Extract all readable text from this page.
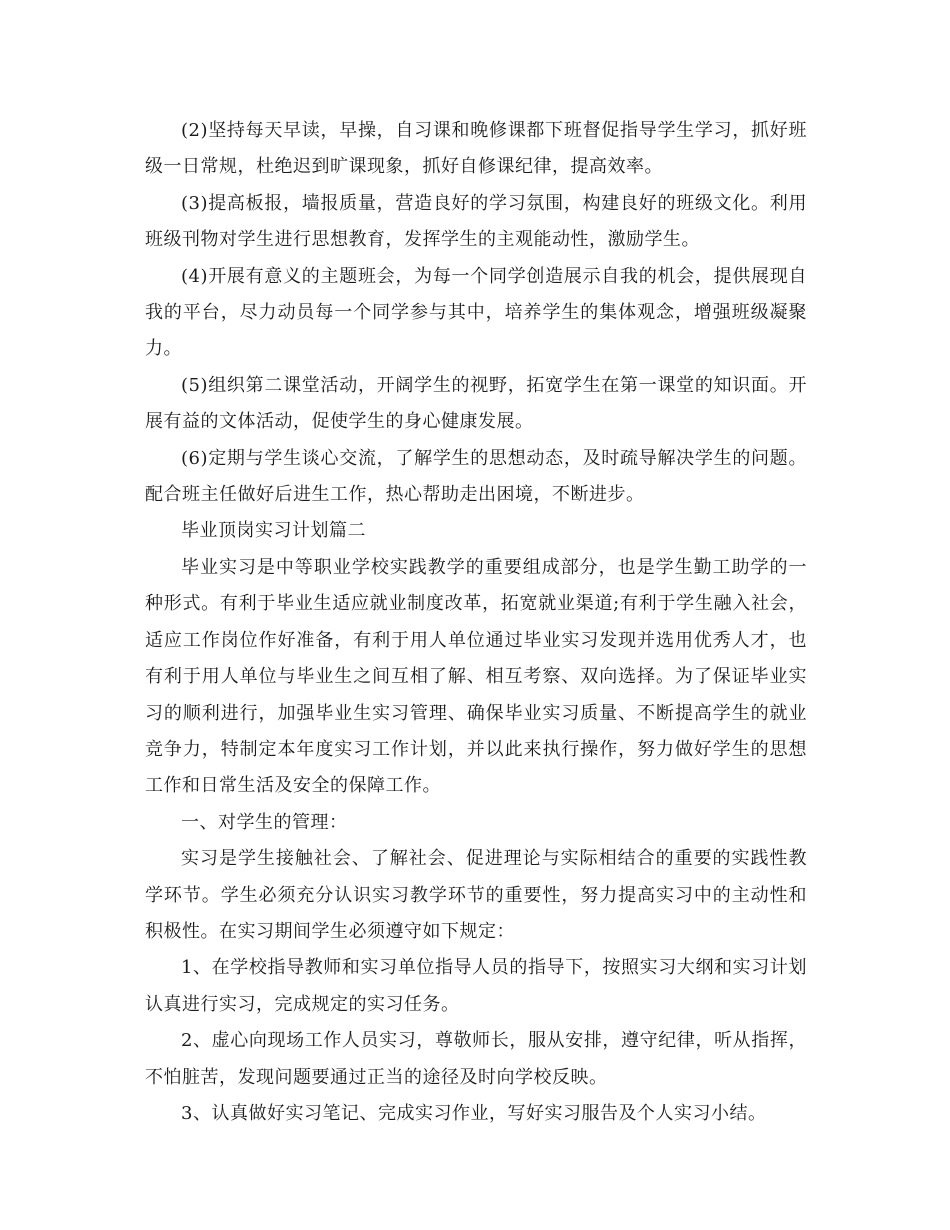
(2)坚持每天早读，早操，自习课和晚修课都下班督促指导学生学习，抓好班级一日常规，杜绝迟到旷课现象，抓好自修课纪律，提高效率。

(3)提高板报，墙报质量，营造良好的学习氛围，构建良好的班级文化。利用班级刊物对学生进行思想教育，发挥学生的主观能动性，激励学生。

(4)开展有意义的主题班会，为每一个同学创造展示自我的机会，提供展现自我的平台，尽力动员每一个同学参与其中，培养学生的集体观念，增强班级凝聚力。

(5)组织第二课堂活动，开阔学生的视野，拓宽学生在第一课堂的知识面。开展有益的文体活动，促使学生的身心健康发展。

(6)定期与学生谈心交流，了解学生的思想动态，及时疏导解决学生的问题。配合班主任做好后进生工作，热心帮助走出困境，不断进步。

毕业顶岗实习计划篇二

毕业实习是中等职业学校实践教学的重要组成部分，也是学生勤工助学的一种形式。有利于毕业生适应就业制度改革，拓宽就业渠道;有利于学生融入社会，适应工作岗位作好准备，有利于用人单位通过毕业实习发现并选用优秀人才，也有利于用人单位与毕业生之间互相了解、相互考察、双向选择。为了保证毕业实习的顺利进行，加强毕业生实习管理、确保毕业实习质量、不断提高学生的就业竞争力，特制定本年度实习工作计划，并以此来执行操作，努力做好学生的思想工作和日常生活及安全的保障工作。

一、对学生的管理：

实习是学生接触社会、了解社会、促进理论与实际相结合的重要的实践性教学环节。学生必须充分认识实习教学环节的重要性，努力提高实习中的主动性和积极性。在实习期间学生必须遵守如下规定：

1、在学校指导教师和实习单位指导人员的指导下，按照实习大纲和实习计划认真进行实习，完成规定的实习任务。

2、虚心向现场工作人员实习，尊敬师长，服从安排，遵守纪律，听从指挥，不怕脏苦，发现问题要通过正当的途径及时向学校反映。

3、认真做好实习笔记、完成实习作业，写好实习服告及个人实习小结。
